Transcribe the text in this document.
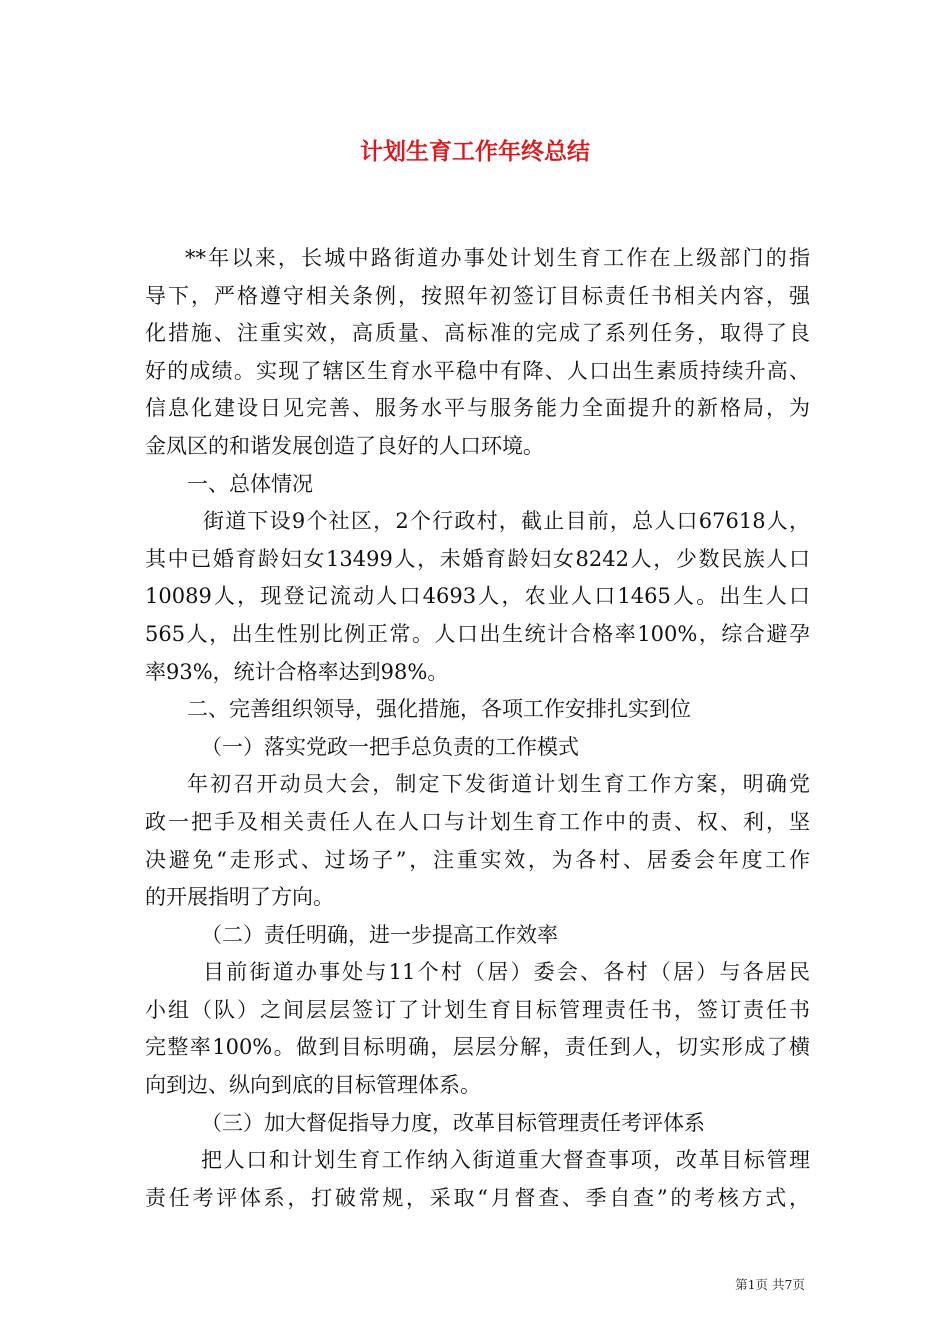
计划生育工作年终总结
**年以来，长城中路街道办事处计划生育工作在上级部门的指
导下，严格遵守相关条例，按照年初签订目标责任书相关内容，强
化措施、注重实效，高质量、高标准的完成了系列任务，取得了良
好的成绩。实现了辖区生育水平稳中有降、人口出生素质持续升高、
信息化建设日见完善、服务水平与服务能力全面提升的新格局，为
金凤区的和谐发展创造了良好的人口环境。
一、总体情况
街道下设9个社区，2个行政村，截止目前，总人口67618人，
其中已婚育龄妇女13499人，未婚育龄妇女8242人，少数民族人口
10089人，现登记流动人口4693人，农业人口1465人。出生人口
565人，出生性别比例正常。人口出生统计合格率100%，综合避孕
率93%，统计合格率达到98%。
二、完善组织领导，强化措施，各项工作安排扎实到位
（一）落实党政一把手总负责的工作模式
年初召开动员大会，制定下发街道计划生育工作方案，明确党
政一把手及相关责任人在人口与计划生育工作中的责、权、利，坚
决避免“走形式、过场子”，注重实效，为各村、居委会年度工作
的开展指明了方向。
（二）责任明确，进一步提高工作效率
目前街道办事处与11个村（居）委会、各村（居）与各居民
小组（队）之间层层签订了计划生育目标管理责任书，签订责任书
完整率100%。做到目标明确，层层分解，责任到人，切实形成了横
向到边、纵向到底的目标管理体系。
（三）加大督促指导力度，改革目标管理责任考评体系
把人口和计划生育工作纳入街道重大督查事项，改革目标管理
责任考评体系，打破常规，采取“月督查、季自查”的考核方式，
第1页 共7页
